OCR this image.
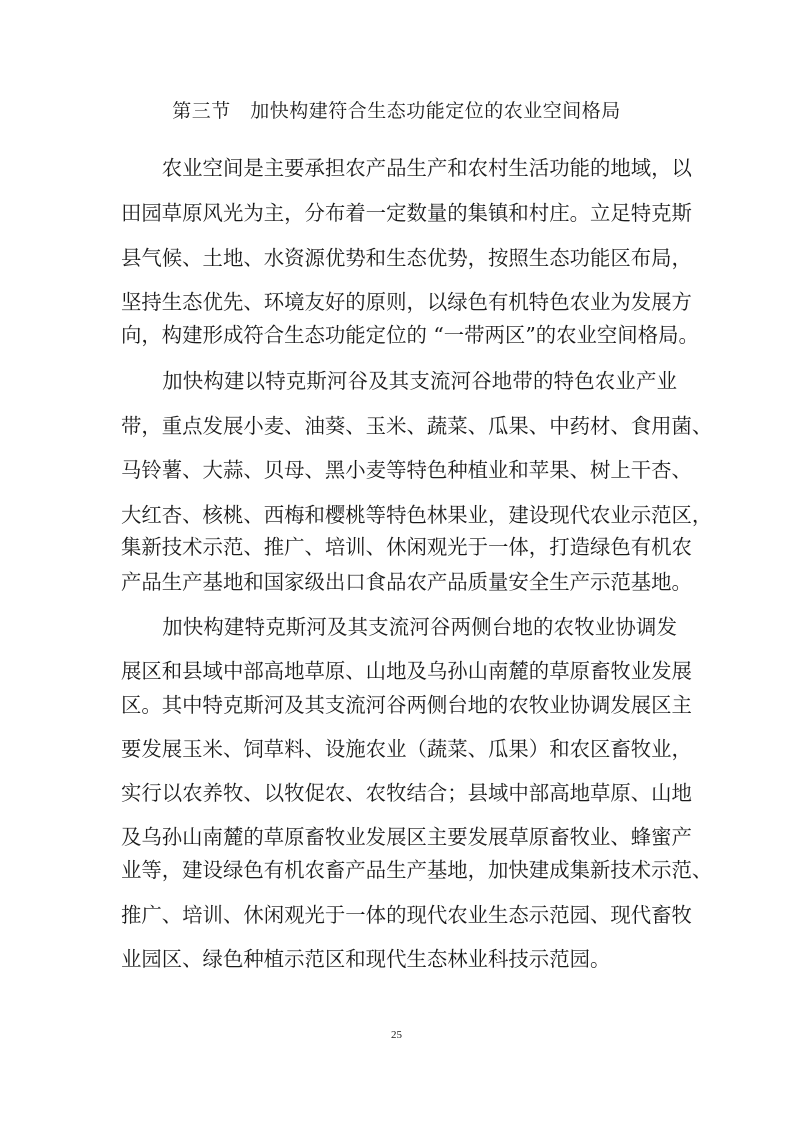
第三节　加快构建符合生态功能定位的农业空间格局
　　农业空间是主要承担农产品生产和农村生活功能的地域，以
田园草原风光为主，分布着一定数量的集镇和村庄。立足特克斯
县气候、土地、水资源优势和生态优势，按照生态功能区布局，
坚持生态优先、环境友好的原则，以绿色有机特色农业为发展方
向，构建形成符合生态功能定位的 “一带两区”的农业空间格局。
　　加快构建以特克斯河谷及其支流河谷地带的特色农业产业
带，重点发展小麦、油葵、玉米、蔬菜、瓜果、中药材、食用菌、
马铃薯、大蒜、贝母、黑小麦等特色种植业和苹果、树上干杏、
大红杏、核桃、西梅和樱桃等特色林果业，建设现代农业示范区，
集新技术示范、推广、培训、休闲观光于一体，打造绿色有机农
产品生产基地和国家级出口食品农产品质量安全生产示范基地。
　　加快构建特克斯河及其支流河谷两侧台地的农牧业协调发
展区和县域中部高地草原、山地及乌孙山南麓的草原畜牧业发展
区。其中特克斯河及其支流河谷两侧台地的农牧业协调发展区主
要发展玉米、饲草料、设施农业（蔬菜、瓜果）和农区畜牧业，
实行以农养牧、以牧促农、农牧结合；县域中部高地草原、山地
及乌孙山南麓的草原畜牧业发展区主要发展草原畜牧业、蜂蜜产
业等，建设绿色有机农畜产品生产基地，加快建成集新技术示范、
推广、培训、休闲观光于一体的现代农业生态示范园、现代畜牧
业园区、绿色种植示范区和现代生态林业科技示范园。
25
